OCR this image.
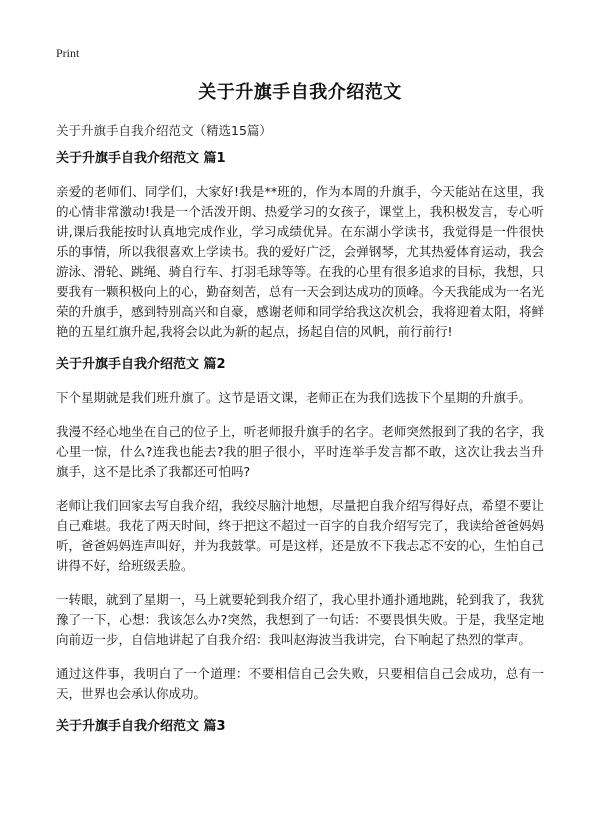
Print
关于升旗手自我介绍范文
关于升旗手自我介绍范文（精选15篇）
关于升旗手自我介绍范文 篇1

亲爱的老师们、同学们，大家好!我是**班的，作为本周的升旗手，今天能站在这里，我的心情非常激动!我是一个活泼开朗、热爱学习的女孩子，课堂上，我积极发言，专心听讲,课后我能按时认真地完成作业，学习成绩优异。在东湖小学读书，我觉得是一件很快乐的事情，所以我很喜欢上学读书。我的爱好广泛，会弹钢琴，尤其热爱体育运动，我会游泳、滑轮、跳绳、骑自行车、打羽毛球等等。在我的心里有很多追求的目标，我想，只要我有一颗积极向上的心，勤奋刻苦，总有一天会到达成功的顶峰。今天我能成为一名光荣的升旗手，感到特别高兴和自豪，感谢老师和同学给我这次机会，我将迎着太阳，将鲜艳的五星红旗升起,我将会以此为新的起点，扬起自信的风帆，前行前行!

关于升旗手自我介绍范文 篇2

下个星期就是我们班升旗了。这节是语文课，老师正在为我们选拔下个星期的升旗手。

我漫不经心地坐在自己的位子上，听老师报升旗手的名字。老师突然报到了我的名字，我心里一惊，什么?连我也能去?我的胆子很小，平时连举手发言都不敢，这次让我去当升旗手，这不是比杀了我都还可怕吗?

老师让我们回家去写自我介绍，我绞尽脑汁地想，尽量把自我介绍写得好点，希望不要让自己难堪。我花了两天时间，终于把这不超过一百字的自我介绍写完了，我读给爸爸妈妈听，爸爸妈妈连声叫好，并为我鼓掌。可是这样，还是放不下我忐忑不安的心，生怕自己讲得不好，给班级丢脸。

一转眼，就到了星期一，马上就要轮到我介绍了，我心里扑通扑通地跳，轮到我了，我犹豫了一下，心想：我该怎么办?突然，我想到了一句话：不要畏惧失败。于是，我坚定地向前迈一步，自信地讲起了自我介绍：我叫赵海波当我讲完，台下响起了热烈的掌声。

通过这件事，我明白了一个道理：不要相信自己会失败，只要相信自己会成功，总有一天，世界也会承认你成功。

关于升旗手自我介绍范文 篇3
